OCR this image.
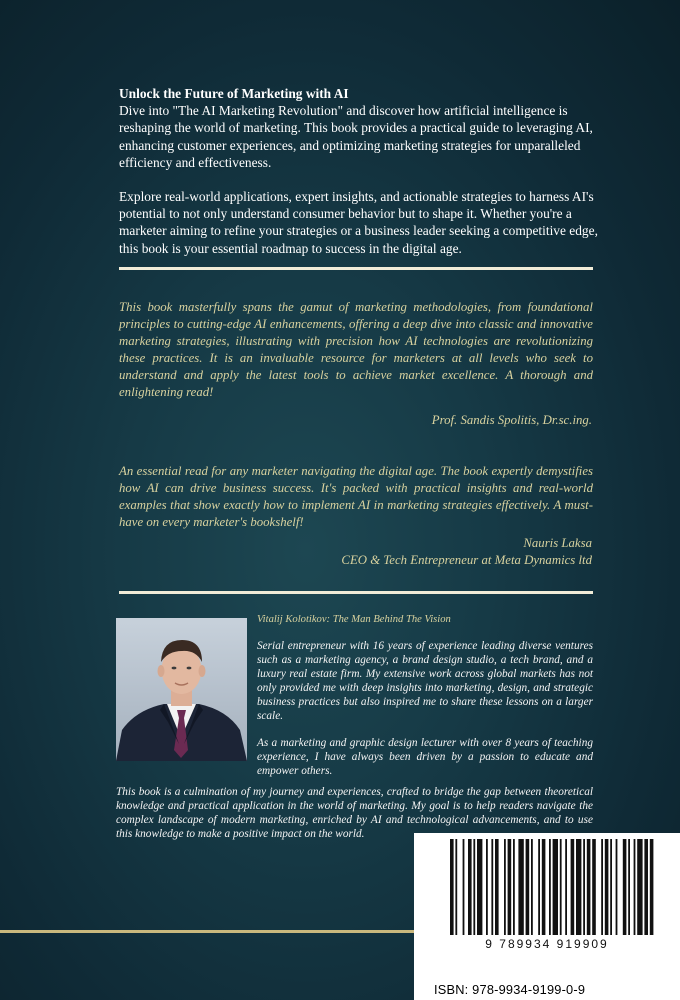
Unlock the Future of Marketing with AI

Dive into "The AI Marketing Revolution" and discover how artificial intelligence is reshaping the world of marketing. This book provides a practical guide to leveraging AI, enhancing customer experiences, and optimizing marketing strategies for unparalleled efficiency and effectiveness.

Explore real-world applications, expert insights, and actionable strategies to harness AI's potential to not only understand consumer behavior but to shape it. Whether you're a marketer aiming to refine your strategies or a business leader seeking a competitive edge, this book is your essential roadmap to success in the digital age.

This book masterfully spans the gamut of marketing methodologies, from foundational principles to cutting-edge AI enhancements, offering a deep dive into classic and innovative marketing strategies, illustrating with precision how AI technologies are revolutionizing these practices. It is an invaluable resource for marketers at all levels who seek to understand and apply the latest tools to achieve market excellence. A thorough and enlightening read!

Prof. Sandis Spolitis, Dr.sc.ing.

An essential read for any marketer navigating the digital age. The book expertly demystifies how AI can drive business success. It's packed with practical insights and real-world examples that show exactly how to implement AI in marketing strategies effectively. A must-have on every marketer's bookshelf!

Nauris Laksa
CEO & Tech Entrepreneur at Meta Dynamics ltd
Vitalij Kolotikov: The Man Behind The Vision

Serial entrepreneur with 16 years of experience leading diverse ventures such as a marketing agency, a brand design studio, a tech brand, and a luxury real estate firm. My extensive work across global markets has not only provided me with deep insights into marketing, design, and strategic business practices but also inspired me to share these lessons on a larger scale.

As a marketing and graphic design lecturer with over 8 years of teaching experience, I have always been driven by a passion to educate and empower others.

This book is a culmination of my journey and experiences, crafted to bridge the gap between theoretical knowledge and practical application in the world of marketing. My goal is to help readers navigate the complex landscape of modern marketing, enriched by AI and technological advancements, and to use this knowledge to make a positive impact on the world.

9 789934 919909
ISBN: 978-9934-9199-0-9
